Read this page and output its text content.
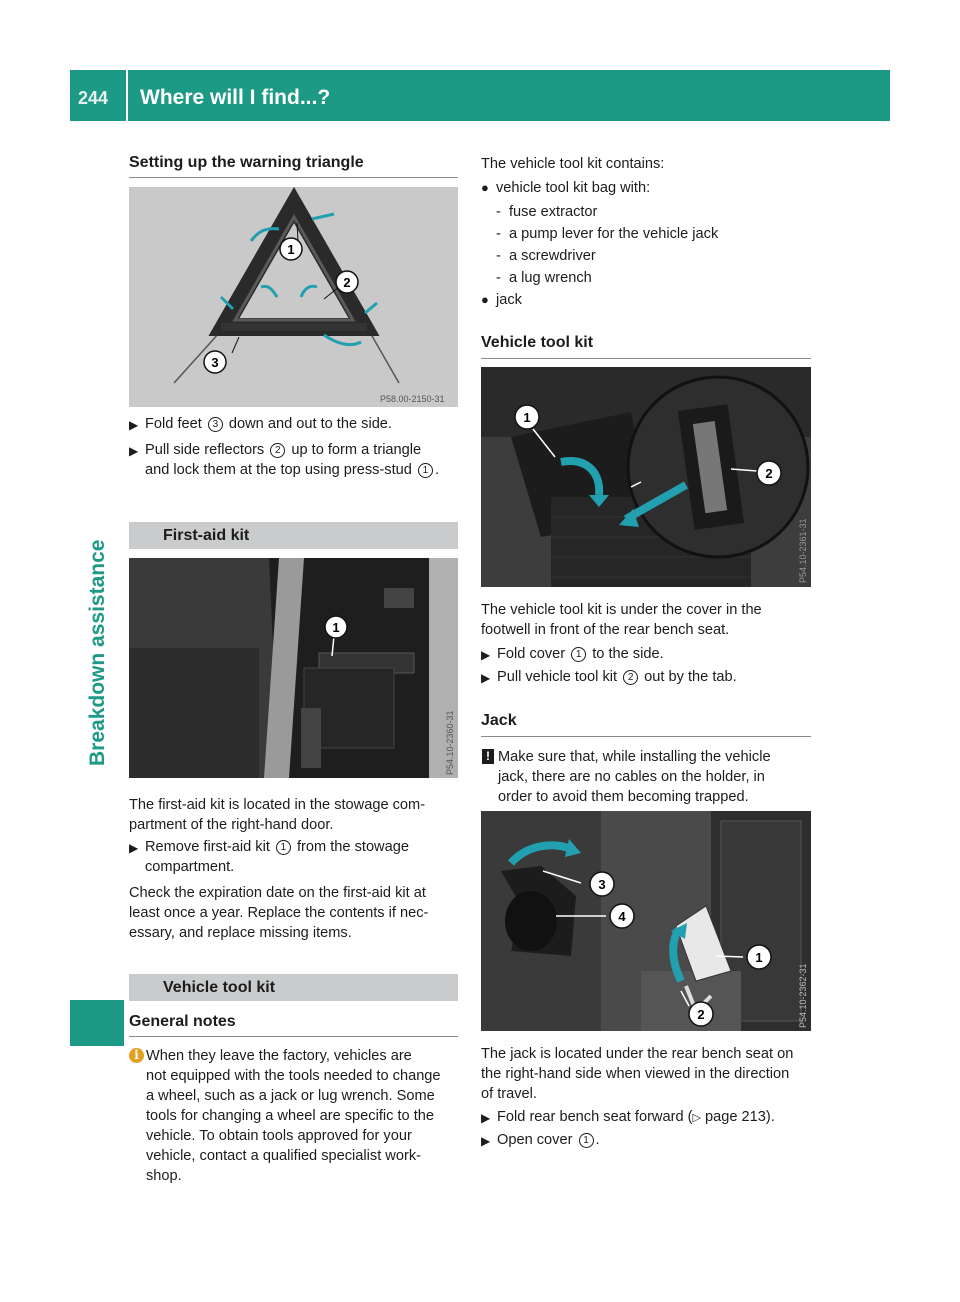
244 Where will I find...?
Breakdown assistance
Setting up the warning triangle
1
2
3
P58.00-2150-31
▶ Fold feet 3 down and out to the side.
▶ Pull side reflectors 2 up to form a triangle
and lock them at the top using press-stud 1 .
First-aid kit
1
P54.10-2360-31
The first-aid kit is located in the stowage com-
partment of the right-hand door.
▶ Remove first-aid kit 1 from the stowage
compartment.
Check the expiration date on the first-aid kit at
least once a year. Replace the contents if nec-
essary, and replace missing items.
Vehicle tool kit
General notes
i When they leave the factory, vehicles are
not equipped with the tools needed to change
a wheel, such as a jack or lug wrench. Some
tools for changing a wheel are specific to the
vehicle. To obtain tools approved for your
vehicle, contact a qualified specialist work-
shop.
The vehicle tool kit contains:
● vehicle tool kit bag with:
-  fuse extractor
-  a pump lever for the vehicle jack
-  a screwdriver
-  a lug wrench
● jack
Vehicle tool kit
1
2
P54.10-2361-31
The vehicle tool kit is under the cover in the
footwell in front of the rear bench seat.
▶ Fold cover 1 to the side.
▶ Pull vehicle tool kit 2 out by the tab.
Jack
! Make sure that, while installing the vehicle
jack, there are no cables on the holder, in
order to avoid them becoming trapped.
3
4
1
2	P54.10-2362-31
The jack is located under the rear bench seat on
the right-hand side when viewed in the direction
of travel.
▶ Fold rear bench seat forward (▷ page 213).
▶ Open cover 1 .
